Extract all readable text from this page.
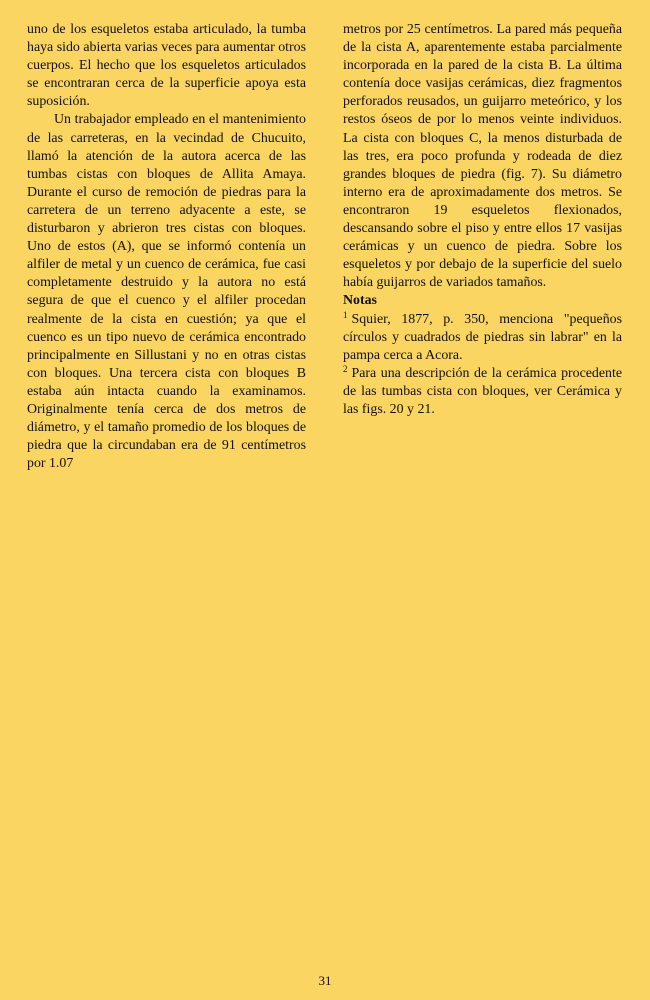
uno de los esqueletos estaba articulado, la tumba haya sido abierta varias veces para aumentar otros cuerpos. El hecho que los esqueletos articulados se encontraran cerca de la superficie apoya esta suposición.

Un trabajador empleado en el mantenimiento de las carreteras, en la vecindad de Chucuito, llamó la atención de la autora acerca de las tumbas cistas con bloques de Allita Amaya. Durante el curso de remoción de piedras para la carretera de un terreno adyacente a este, se disturbaron y abrieron tres cistas con bloques. Uno de estos (A), que se informó contenía un alfiler de metal y un cuenco de cerámica, fue casi completamente destruido y la autora no está segura de que el cuenco y el alfiler procedan realmente de la cista en cuestión; ya que el cuenco es un tipo nuevo de cerámica encontrado principalmente en Sillustani y no en otras cistas con bloques. Una tercera cista con bloques B estaba aún intacta cuando la examinamos. Originalmente tenía cerca de dos metros de diámetro, y el tamaño promedio de los bloques de piedra que la circundaban era de 91 centímetros por 1.07

metros por 25 centímetros. La pared más pequeña de la cista A, aparentemente estaba parcialmente incorporada en la pared de la cista B. La última contenía doce vasijas cerámicas, diez fragmentos perforados reusados, un guijarro meteórico, y los restos óseos de por lo menos veinte individuos. La cista con bloques C, la menos disturbada de las tres, era poco profunda y rodeada de diez grandes bloques de piedra (fig. 7). Su diámetro interno era de aproximadamente dos metros. Se encontraron 19 esqueletos flexionados, descansando sobre el piso y entre ellos 17 vasijas cerámicas y un cuenco de piedra. Sobre los esqueletos y por debajo de la superficie del suelo había guijarros de variados tamaños.

Notas

$^1$ Squier, 1877, p. 350, menciona "pequeños círculos y cuadrados de piedras sin labrar" en la pampa cerca a Acora.

$^2$ Para una descripción de la cerámica procedente de las tumbas cista con bloques, ver Cerámica y las figs. 20 y 21.

31
